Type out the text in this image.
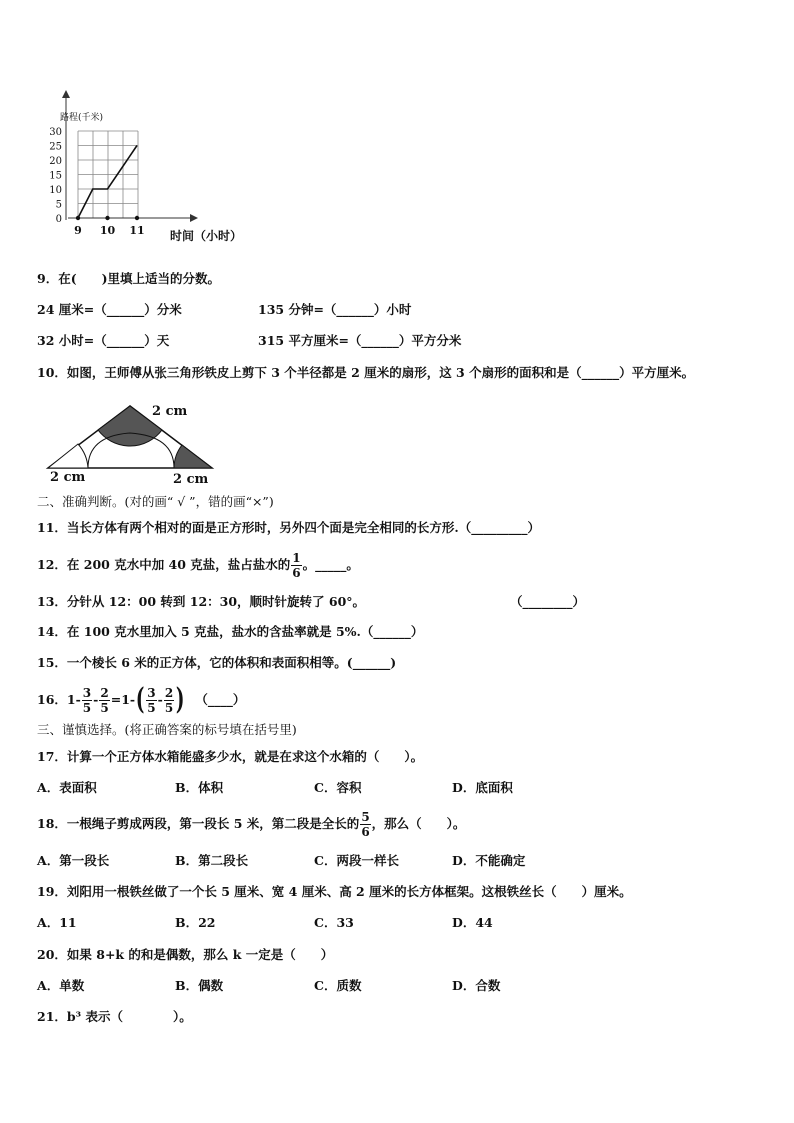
30
25
20
15
10
5
0
9 10 11
路程(千米)
时间（小时）
9．在(　　)里填上适当的分数。
24 厘米=（______）分米	135 分钟=（______）小时
32 小时=（______）天	315 平方厘米=（______）平方分米
10．如图，王师傅从张三角形铁皮上剪下 3 个半径都是 2 厘米的扇形，这 3 个扇形的面积和是（______）平方厘米。
2 cm
2 cm	2 cm
二、准确判断。(对的画“ √ ”，错的画“×”)
11．当长方体有两个相对的面是正方形时，另外四个面是完全相同的长方形.（_________）
12．在 200 克水中加 40 克盐，盐占盐水的 $\frac{1}{6}$ 。_____。
13．分针从 12：00 转到 12：30，顺时针旋转了 60°。	（________）
14．在 100 克水里加入 5 克盐，盐水的含盐率就是 5%.（______）
15．一个棱长 6 米的正方体，它的体积和表面积相等。(______)
16． $1- \frac{3}{5} - \frac{2}{5} =1-$ ( $\frac{3}{5} - \frac{2}{5}$ ) （____）
三、谨慎选择。(将正确答案的标号填在括号里)
17．计算一个正方体水箱能盛多少水，就是在求这个水箱的（　　）。
A．表面积	B．体积	C．容积	D．底面积
18．一根绳子剪成两段，第一段长 5 米，第二段是全长的 $\frac{5}{6}$ ，那么（　　）。
A．第一段长	B．第二段长	C．两段一样长	D．不能确定
19．刘阳用一根铁丝做了一个长 5 厘米、宽 4 厘米、高 2 厘米的长方体框架。这根铁丝长（　　）厘米。
A．11	B．22	C．33	D．44
20．如果 8+k 的和是偶数，那么 k 一定是（　　）
A．单数	B．偶数	C．质数	D．合数
21．b³ 表示（　　　　）。
